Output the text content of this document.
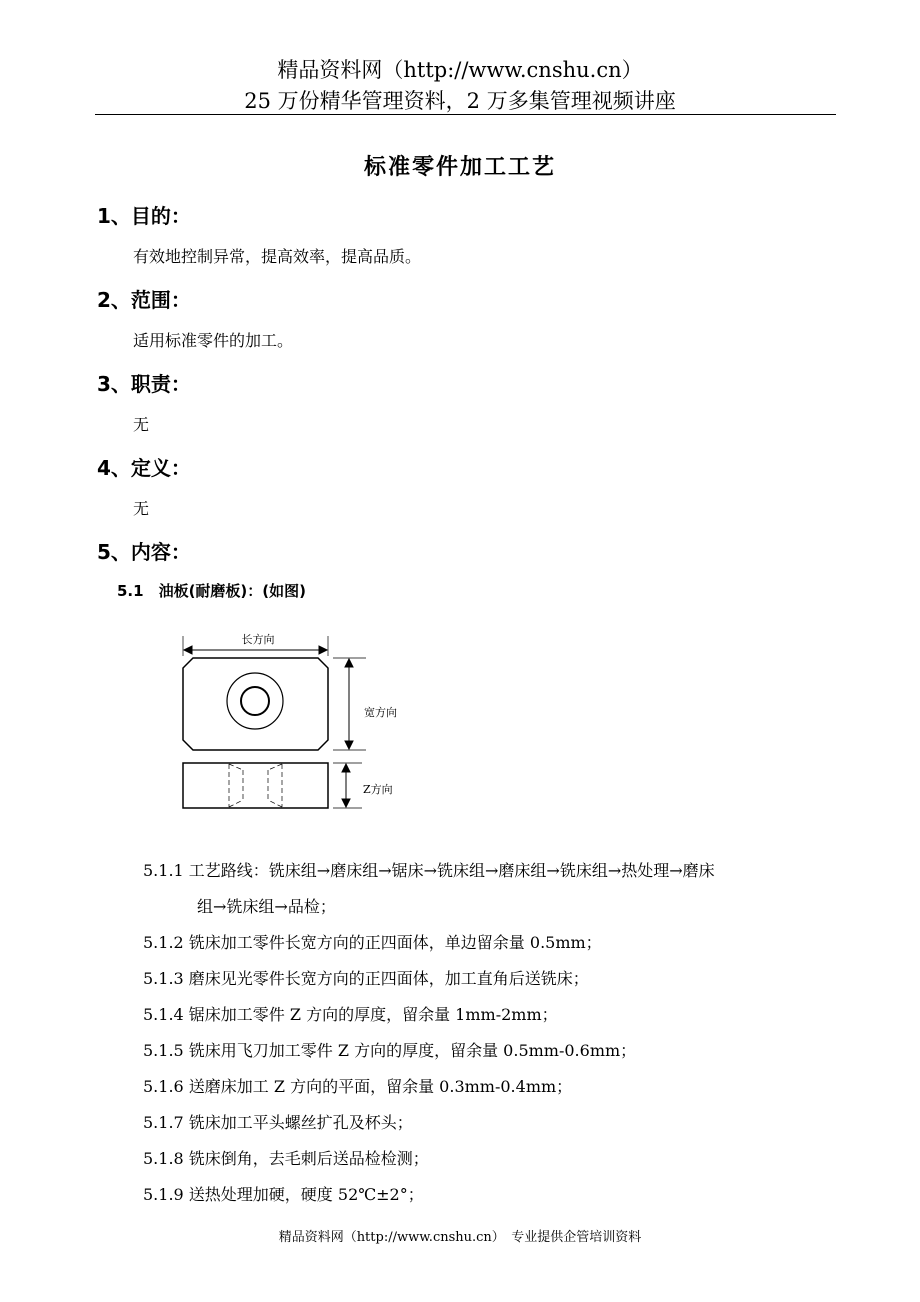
精品资料网（http://www.cnshu.cn）
25 万份精华管理资料，2 万多集管理视频讲座
标准零件加工工艺
1、目的：
有效地控制异常，提高效率，提高品质。
2、范围：
适用标准零件的加工。
3、职责：
无
4、定义：
无
5、内容：
5.1　油板(耐磨板)：(如图)
长方向
宽方向
Z方向
5.1.1 工艺路线：铣床组→磨床组→锯床→铣床组→磨床组→铣床组→热处理→磨床
组→铣床组→品检；
5.1.2 铣床加工零件长宽方向的正四面体，单边留余量 0.5mm；
5.1.3 磨床见光零件长宽方向的正四面体，加工直角后送铣床；
5.1.4 锯床加工零件 Z 方向的厚度，留余量 1mm-2mm；
5.1.5 铣床用飞刀加工零件 Z 方向的厚度，留余量 0.5mm-0.6mm；
5.1.6 送磨床加工 Z 方向的平面，留余量 0.3mm-0.4mm；
5.1.7 铣床加工平头螺丝扩孔及杯头；
5.1.8 铣床倒角，去毛刺后送品检检测；
5.1.9 送热处理加硬，硬度 52℃±2°；
精品资料网（http://www.cnshu.cn）　专业提供企管培训资料
